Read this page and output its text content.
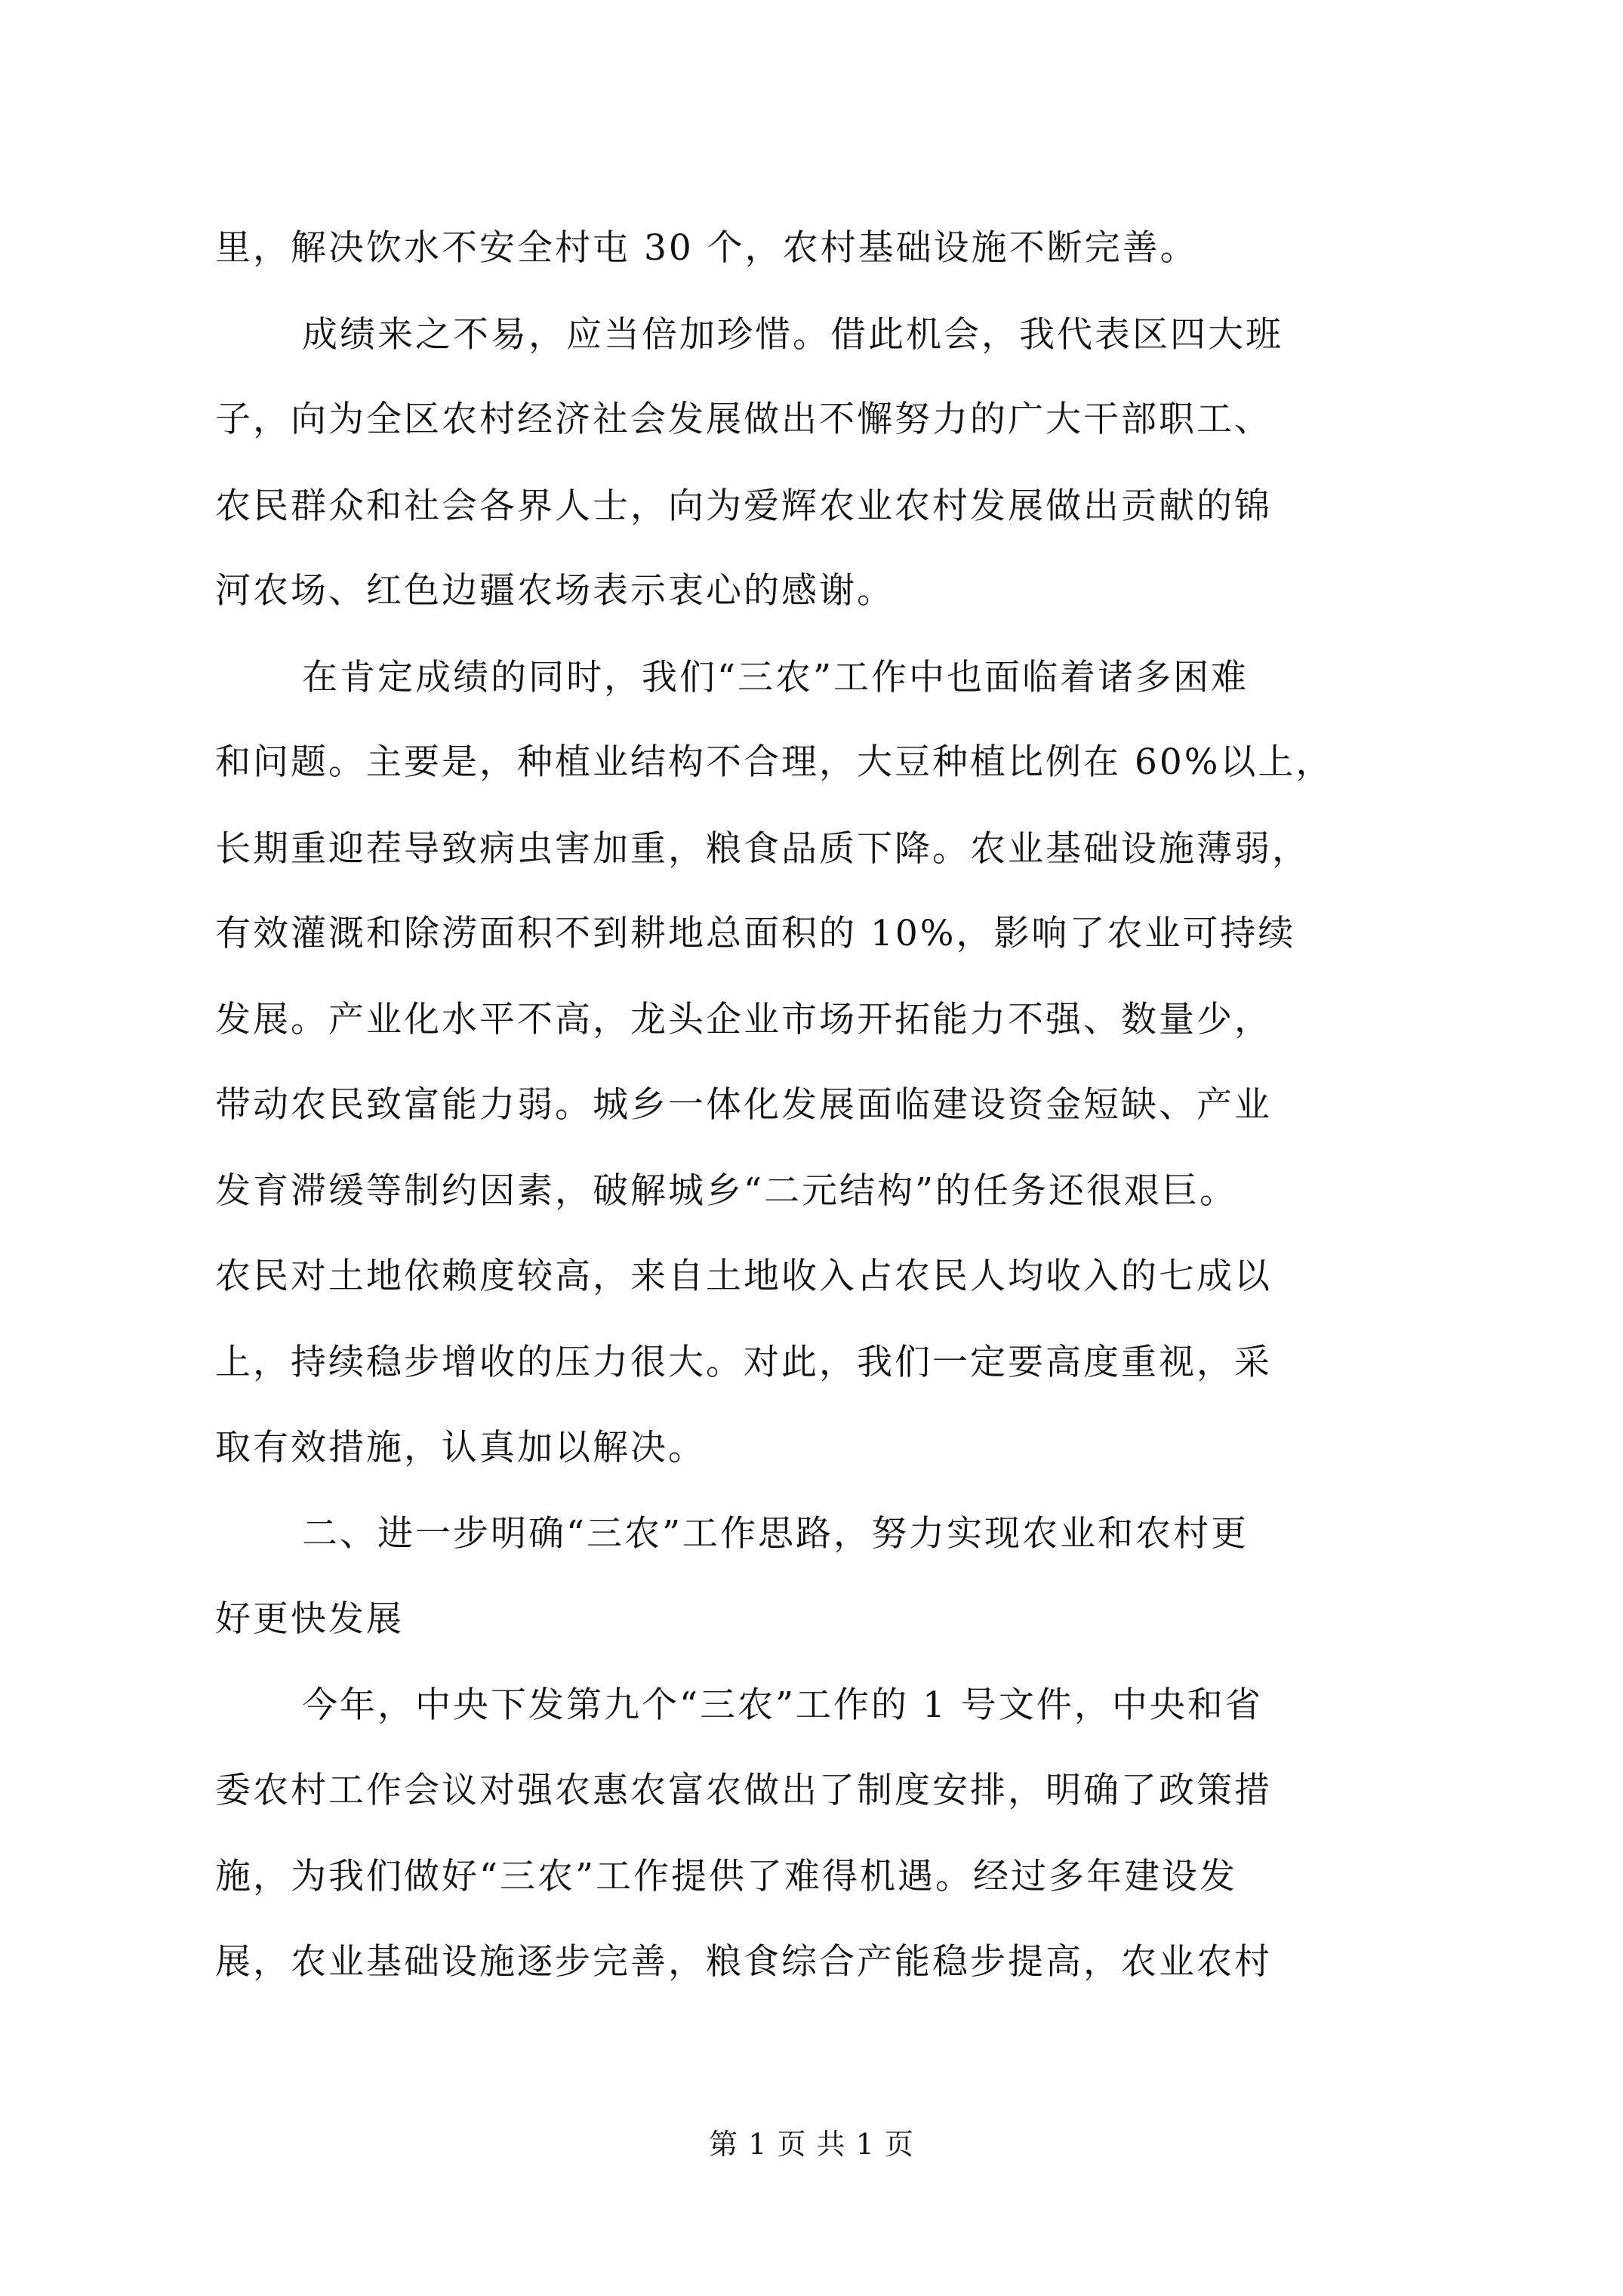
里，解决饮水不安全村屯 30 个，农村基础设施不断完善。
成绩来之不易，应当倍加珍惜。借此机会，我代表区四大班
子，向为全区农村经济社会发展做出不懈努力的广大干部职工、
农民群众和社会各界人士，向为爱辉农业农村发展做出贡献的锦
河农场、红色边疆农场表示衷心的感谢。
在肯定成绩的同时，我们“三农”工作中也面临着诸多困难
和问题。主要是，种植业结构不合理，大豆种植比例在 60%以上，
长期重迎茬导致病虫害加重，粮食品质下降。农业基础设施薄弱，
有效灌溉和除涝面积不到耕地总面积的 10%，影响了农业可持续
发展。产业化水平不高，龙头企业市场开拓能力不强、数量少，
带动农民致富能力弱。城乡一体化发展面临建设资金短缺、产业
发育滞缓等制约因素，破解城乡“二元结构”的任务还很艰巨。
农民对土地依赖度较高，来自土地收入占农民人均收入的七成以
上，持续稳步增收的压力很大。对此，我们一定要高度重视，采
取有效措施，认真加以解决。
二、进一步明确“三农”工作思路，努力实现农业和农村更
好更快发展
今年，中央下发第九个“三农”工作的 1 号文件，中央和省
委农村工作会议对强农惠农富农做出了制度安排，明确了政策措
施，为我们做好“三农”工作提供了难得机遇。经过多年建设发
展，农业基础设施逐步完善，粮食综合产能稳步提高，农业农村
第 1 页 共 1 页
